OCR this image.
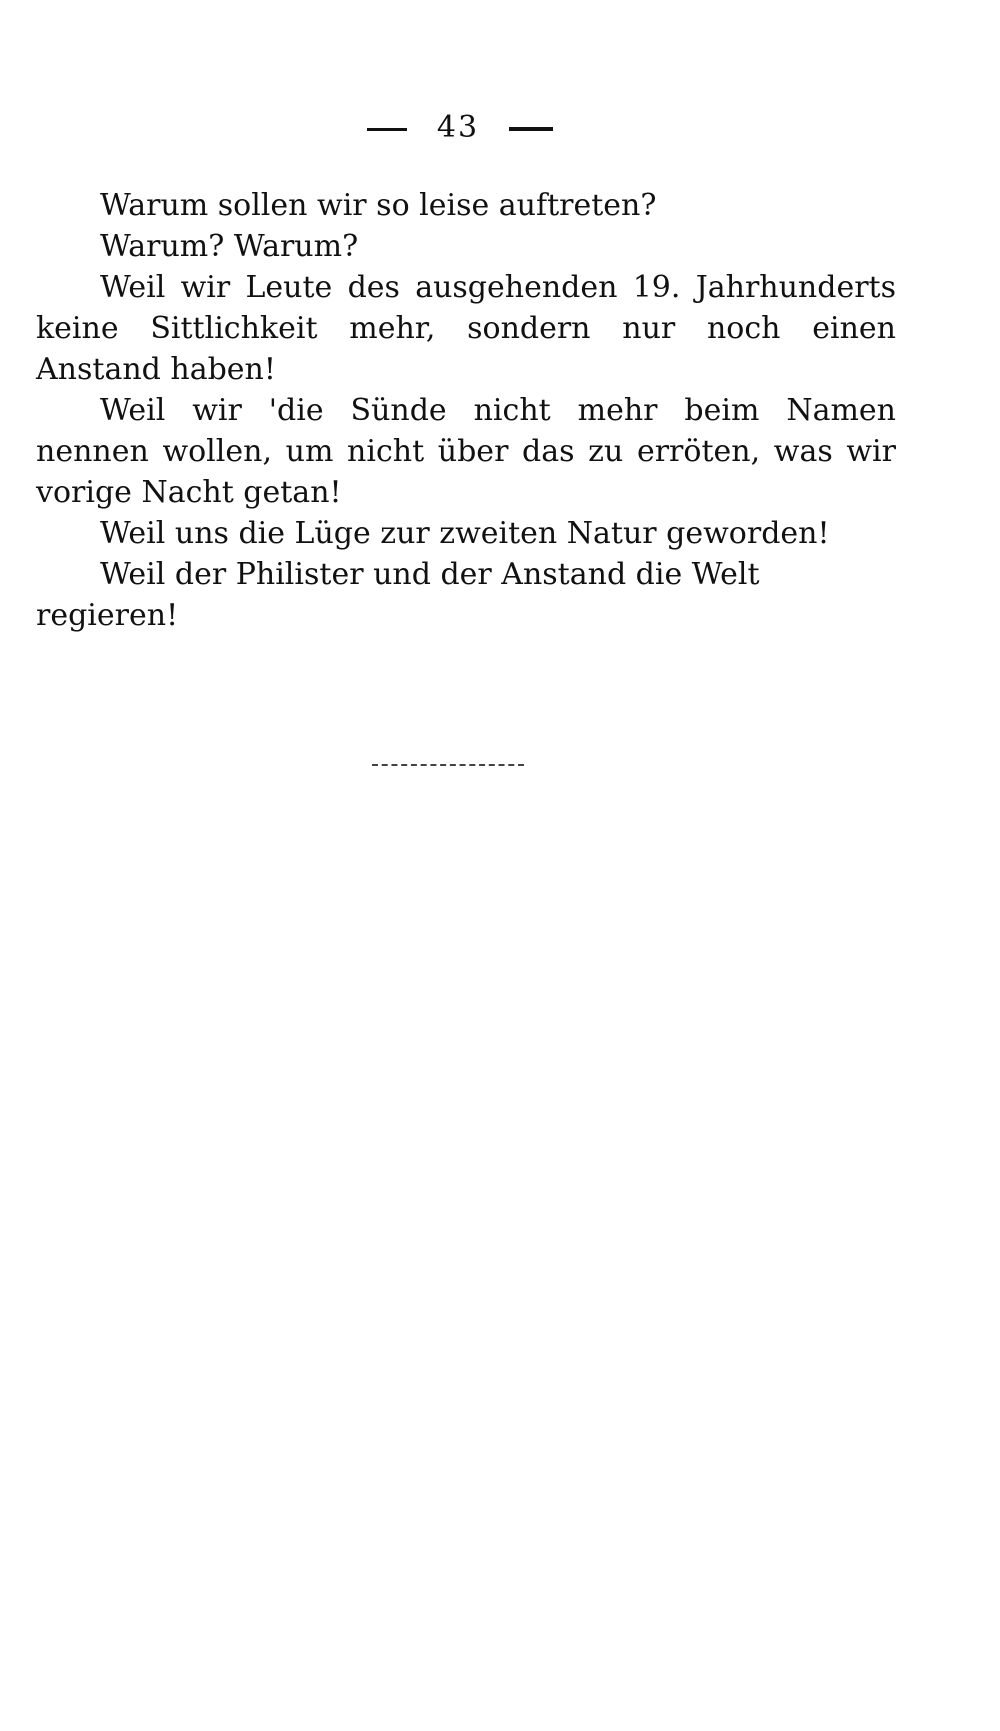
43

Warum sollen wir so leise auftreten?

Warum? Warum?

Weil wir Leute des ausgehenden 19. Jahrhunderts keine Sittlichkeit mehr, sondern nur noch einen Anstand haben!

Weil wir 'die Sünde nicht mehr beim Namen nennen wollen, um nicht über das zu erröten, was wir vorige Nacht getan!

Weil uns die Lüge zur zweiten Natur geworden!

Weil der Philister und der Anstand die Welt regieren!
